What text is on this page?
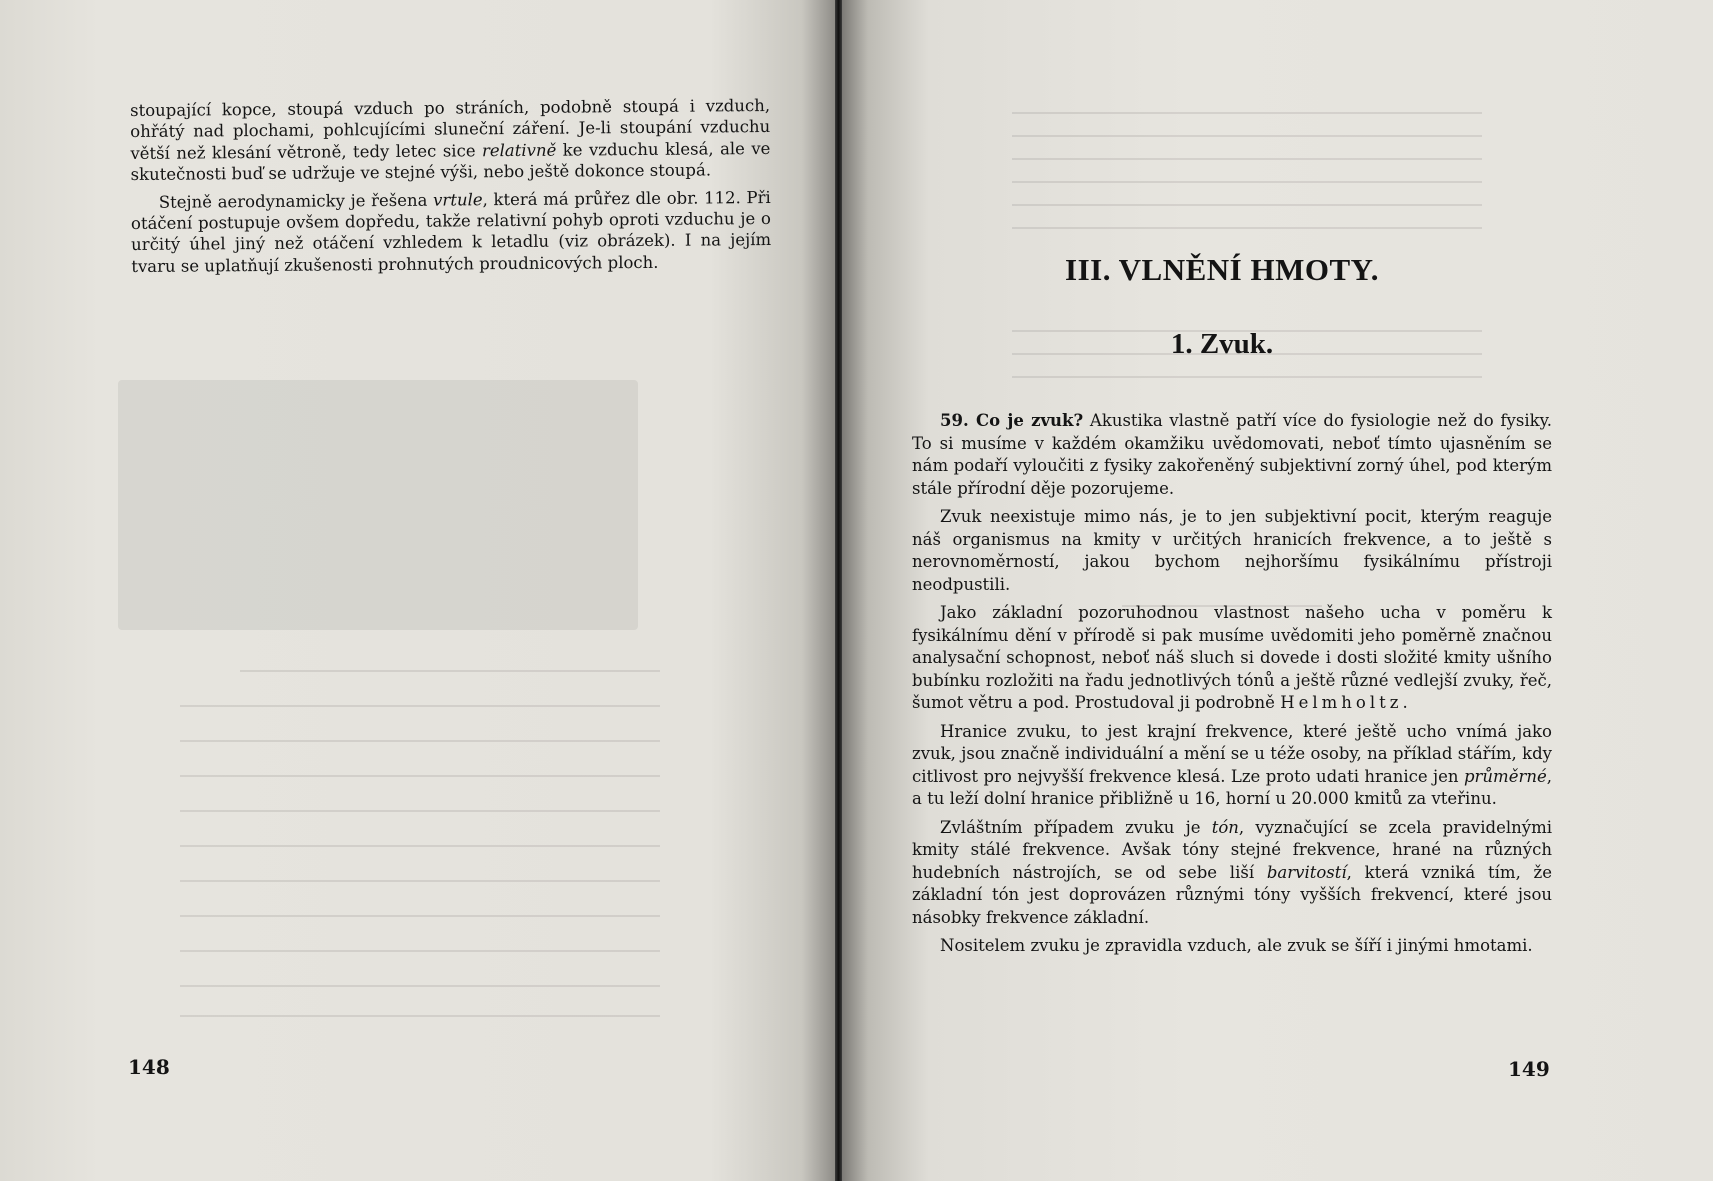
stoupající kopce, stoupá vzduch po stráních, podobně stoupá i vzduch, ohřátý nad plochami, pohlcujícími sluneční záření. Je-li stoupání vzduchu větší než klesání větroně, tedy letec sice relativně ke vzduchu klesá, ale ve skutečnosti buď se udržuje ve stejné výši, nebo ještě dokonce stoupá.

Stejně aerodynamicky je řešena vrtule, která má průřez dle obr. 112. Při otáčení postupuje ovšem dopředu, takže relativní pohyb oproti vzduchu je o určitý úhel jiný než otáčení vzhledem k letadlu (viz obrázek). I na jejím tvaru se uplatňují zkušenosti prohnutých proudnicových ploch.

148
III. VLNĚNÍ HMOTY.
1. Zvuk.

59. Co je zvuk? Akustika vlastně patří více do fysiologie než do fysiky. To si musíme v každém okamžiku uvědomovati, neboť tímto ujasněním se nám podaří vyloučiti z fysiky zakořeněný subjektivní zorný úhel, pod kterým stále přírodní děje pozorujeme.

Zvuk neexistuje mimo nás, je to jen subjektivní pocit, kterým reaguje náš organismus na kmity v určitých hranicích frekvence, a to ještě s nerovnoměrností, jakou bychom nejhoršímu fysikálnímu přístroji neodpustili.

Jako základní pozoruhodnou vlastnost našeho ucha v poměru k fysikálnímu dění v přírodě si pak musíme uvědomiti jeho poměrně značnou analysační schopnost, neboť náš sluch si dovede i dosti složité kmity ušního bubínku rozložiti na řadu jednotlivých tónů a ještě různé vedlejší zvuky, řeč, šumot větru a pod. Prostudoval ji podrobně Helmholtz.

Hranice zvuku, to jest krajní frekvence, které ještě ucho vnímá jako zvuk, jsou značně individuální a mění se u téže osoby, na příklad stářím, kdy citlivost pro nejvyšší frekvence klesá. Lze proto udati hranice jen průměrné, a tu leží dolní hranice přibližně u 16, horní u 20.000 kmitů za vteřinu.

Zvláštním případem zvuku je tón, vyznačující se zcela pravidelnými kmity stálé frekvence. Avšak tóny stejné frekvence, hrané na různých hudebních nástrojích, se od sebe liší barvitostí, která vzniká tím, že základní tón jest doprovázen různými tóny vyšších frekvencí, které jsou násobky frekvence základní.

Nositelem zvuku je zpravidla vzduch, ale zvuk se šíří i jinými hmotami.

149
